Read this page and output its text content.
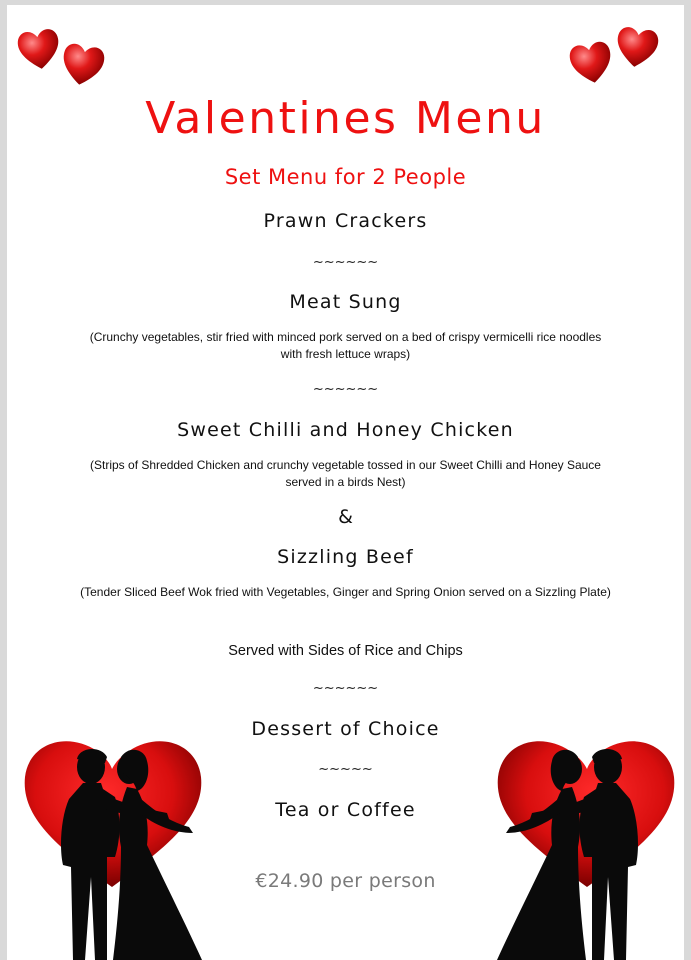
Valentines Menu
Set Menu for 2 People
Prawn Crackers
~~~~~~
Meat Sung
(Crunchy vegetables, stir fried with minced pork served on a bed of crispy vermicelli rice noodles with fresh lettuce wraps)
~~~~~~
Sweet Chilli and Honey Chicken
(Strips of Shredded Chicken and crunchy vegetable tossed in our Sweet Chilli and Honey Sauce served in a birds Nest)
&
Sizzling Beef
(Tender Sliced Beef Wok fried with Vegetables, Ginger and Spring Onion served on a Sizzling Plate)
Served with Sides of Rice and Chips
~~~~~~
Dessert of Choice
~~~~~
Tea or Coffee
€24.90 per person
